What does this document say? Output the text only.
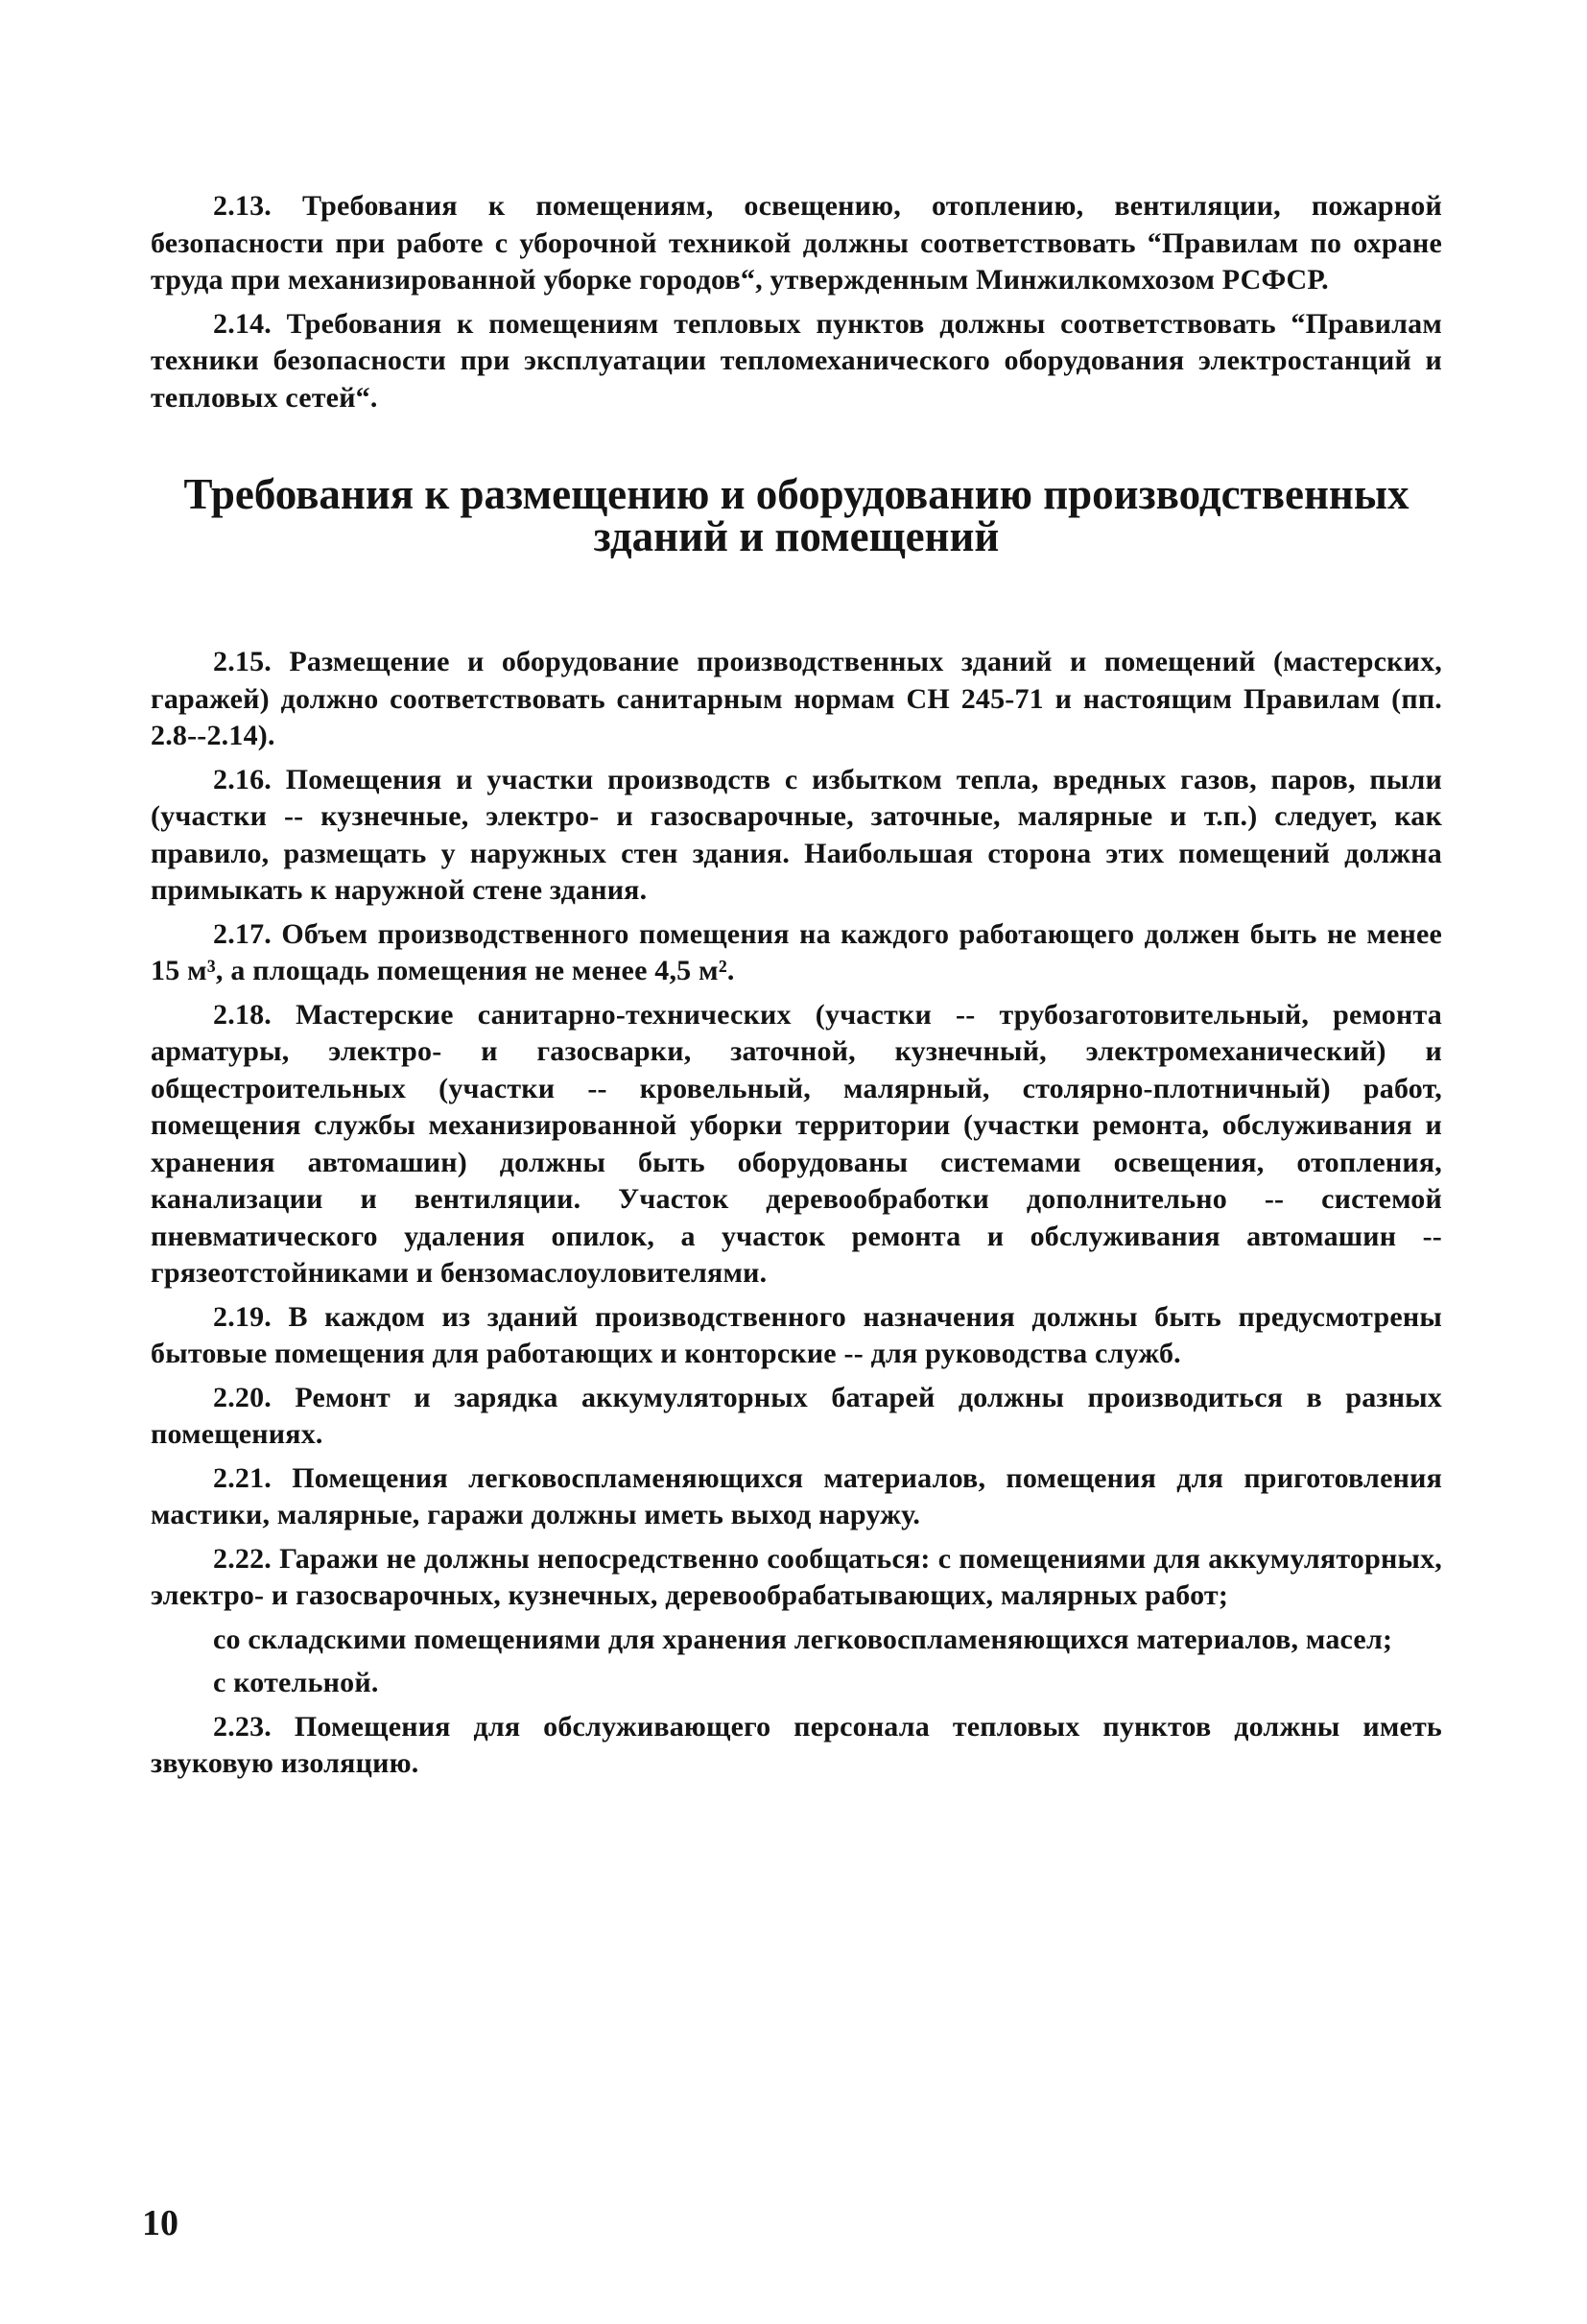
2.13. Требования к помещениям, освещению, отоплению, вентиляции, пожарной безопасности при работе с уборочной техникой должны соответствовать “Правилам по охране труда при механизированной уборке городов“, утвержденным Минжилкомхозом РСФСР.

2.14. Требования к помещениям тепловых пунктов должны соответствовать “Правилам техники безопасности при эксплуатации тепломеханического оборудования электростанций и тепловых сетей“.

Требования к размещению и оборудованию производственных
зданий и помещений

2.15. Размещение и оборудование производственных зданий и помещений (мастерских, гаражей) должно соответствовать санитарным нормам СН 245-71 и настоящим Правилам (пп. 2.8--2.14).

2.16. Помещения и участки производств с избытком тепла, вредных газов, паров, пыли (участки -- кузнечные, электро- и газосварочные, заточные, малярные и т.п.) следует, как правило, размещать у наружных стен здания. Наибольшая сторона этих помещений должна примыкать к наружной стене здания.

2.17. Объем производственного помещения на каждого работающего должен быть не менее 15 м³, а площадь помещения не менее 4,5 м².

2.18. Мастерские санитарно-технических (участки -- трубозаготовительный, ремонта арматуры, электро- и газосварки, заточной, кузнечный, электромеханический) и общестроительных (участки -- кровельный, малярный, столярно-плотничный) работ, помещения службы механизированной уборки территории (участки ремонта, обслуживания и хранения автомашин) должны быть оборудованы системами освещения, отопления, канализации и вентиляции. Участок деревообработки дополнительно -- системой пневматического удаления опилок, а участок ремонта и обслуживания автомашин -- грязеотстойниками и бензомаслоуловителями.

2.19. В каждом из зданий производственного назначения должны быть предусмотрены бытовые помещения для работающих и конторские -- для руководства служб.

2.20. Ремонт и зарядка аккумуляторных батарей должны производиться в разных помещениях.

2.21. Помещения легковоспламеняющихся материалов, помещения для приготовления мастики, малярные, гаражи должны иметь выход наружу.

2.22. Гаражи не должны непосредственно сообщаться: с помещениями для аккумуляторных, электро- и газосварочных, кузнечных, деревообрабатывающих, малярных работ;

со складскими помещениями для хранения легковоспламеняющихся материалов, масел;

с котельной.

2.23. Помещения для обслуживающего персонала тепловых пунктов должны иметь звуковую изоляцию.

10
